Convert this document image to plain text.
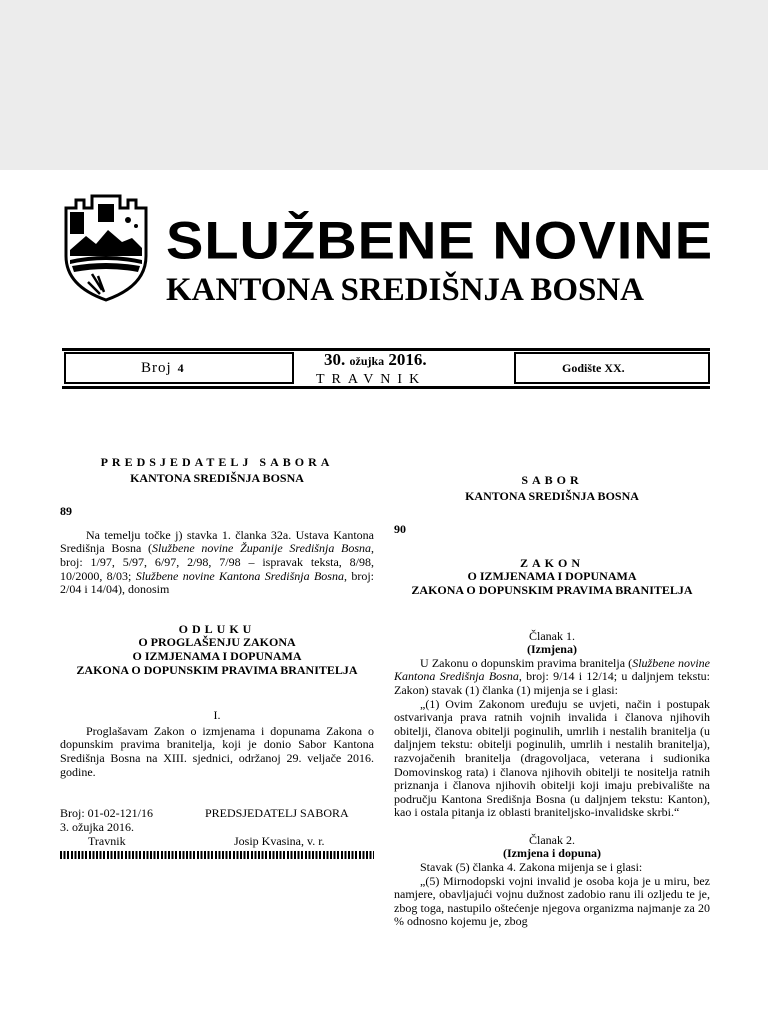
SLUŽBENE NOVINE
KANTONA SREDIŠNJA BOSNA
Broj 4	30. ožujka 2016.
TRAVNIK
Godište XX.

PREDSJEDATELJ SABORA

KANTONA SREDIŠNJA BOSNA

89

Na temelju točke j) stavka 1. članka 32a. Ustava Kantona Središnja Bosna (Službene novine Županije Središnja Bosna, broj: 1/97, 5/97, 6/97, 2/98, 7/98 – ispravak teksta, 8/98, 10/2000, 8/03; Službene novine Kantona Središnja Bosna, broj: 2/04 i 14/04), donosim

ODLUKU

O PROGLAŠENJU ZAKONA

O IZMJENAMA I DOPUNAMA

ZAKONA O DOPUNSKIM PRAVIMA BRANITELJA

I.

Proglašavam Zakon o izmjenama i dopunama Zakona o dopunskim pravima branitelja, koji je donio Sabor Kantona Središnja Bosna na XIII. sjednici, održanoj 29. veljače 2016. godine.

Broj: 01-02-121/16	PREDSJEDATELJ SABORA
3. ožujka 2016.
Travnik	Josip Kvasina, v. r.

SABOR

KANTONA SREDIŠNJA BOSNA

90

ZAKON

O IZMJENAMA I DOPUNAMA

ZAKONA O DOPUNSKIM PRAVIMA BRANITELJA

Članak 1.

(Izmjena)

U Zakonu o dopunskim pravima branitelja (Službene novine Kantona Središnja Bosna, broj: 9/14 i 12/14; u daljnjem tekstu: Zakon) stavak (1) članka (1) mijenja se i glasi:

„(1) Ovim Zakonom uređuju se uvjeti, način i postupak ostvarivanja prava ratnih vojnih invalida i članova njihovih obitelji, članova obitelji poginulih, umrlih i nestalih branitelja (u daljnjem tekstu: obitelji poginulih, umrlih i nestalih branitelja), razvojačenih branitelja (dragovoljaca, veterana i sudionika Domovinskog rata) i članova njihovih obitelji te nositelja ratnih priznanja i članova njihovih obitelji koji imaju prebivalište na području Kantona Središnja Bosna (u daljnjem tekstu: Kanton), kao i ostala pitanja iz oblasti braniteljsko-invalidske skrbi.“

Članak 2.

(Izmjena i dopuna)

Stavak (5) članka 4. Zakona mijenja se i glasi:

„(5) Mirnodopski vojni invalid je osoba koja je u miru, bez namjere, obavljajući vojnu dužnost zadobio ranu ili ozljedu te je, zbog toga, nastupilo oštećenje njegova organizma najmanje za 20 % odnosno kojemu je, zbog
